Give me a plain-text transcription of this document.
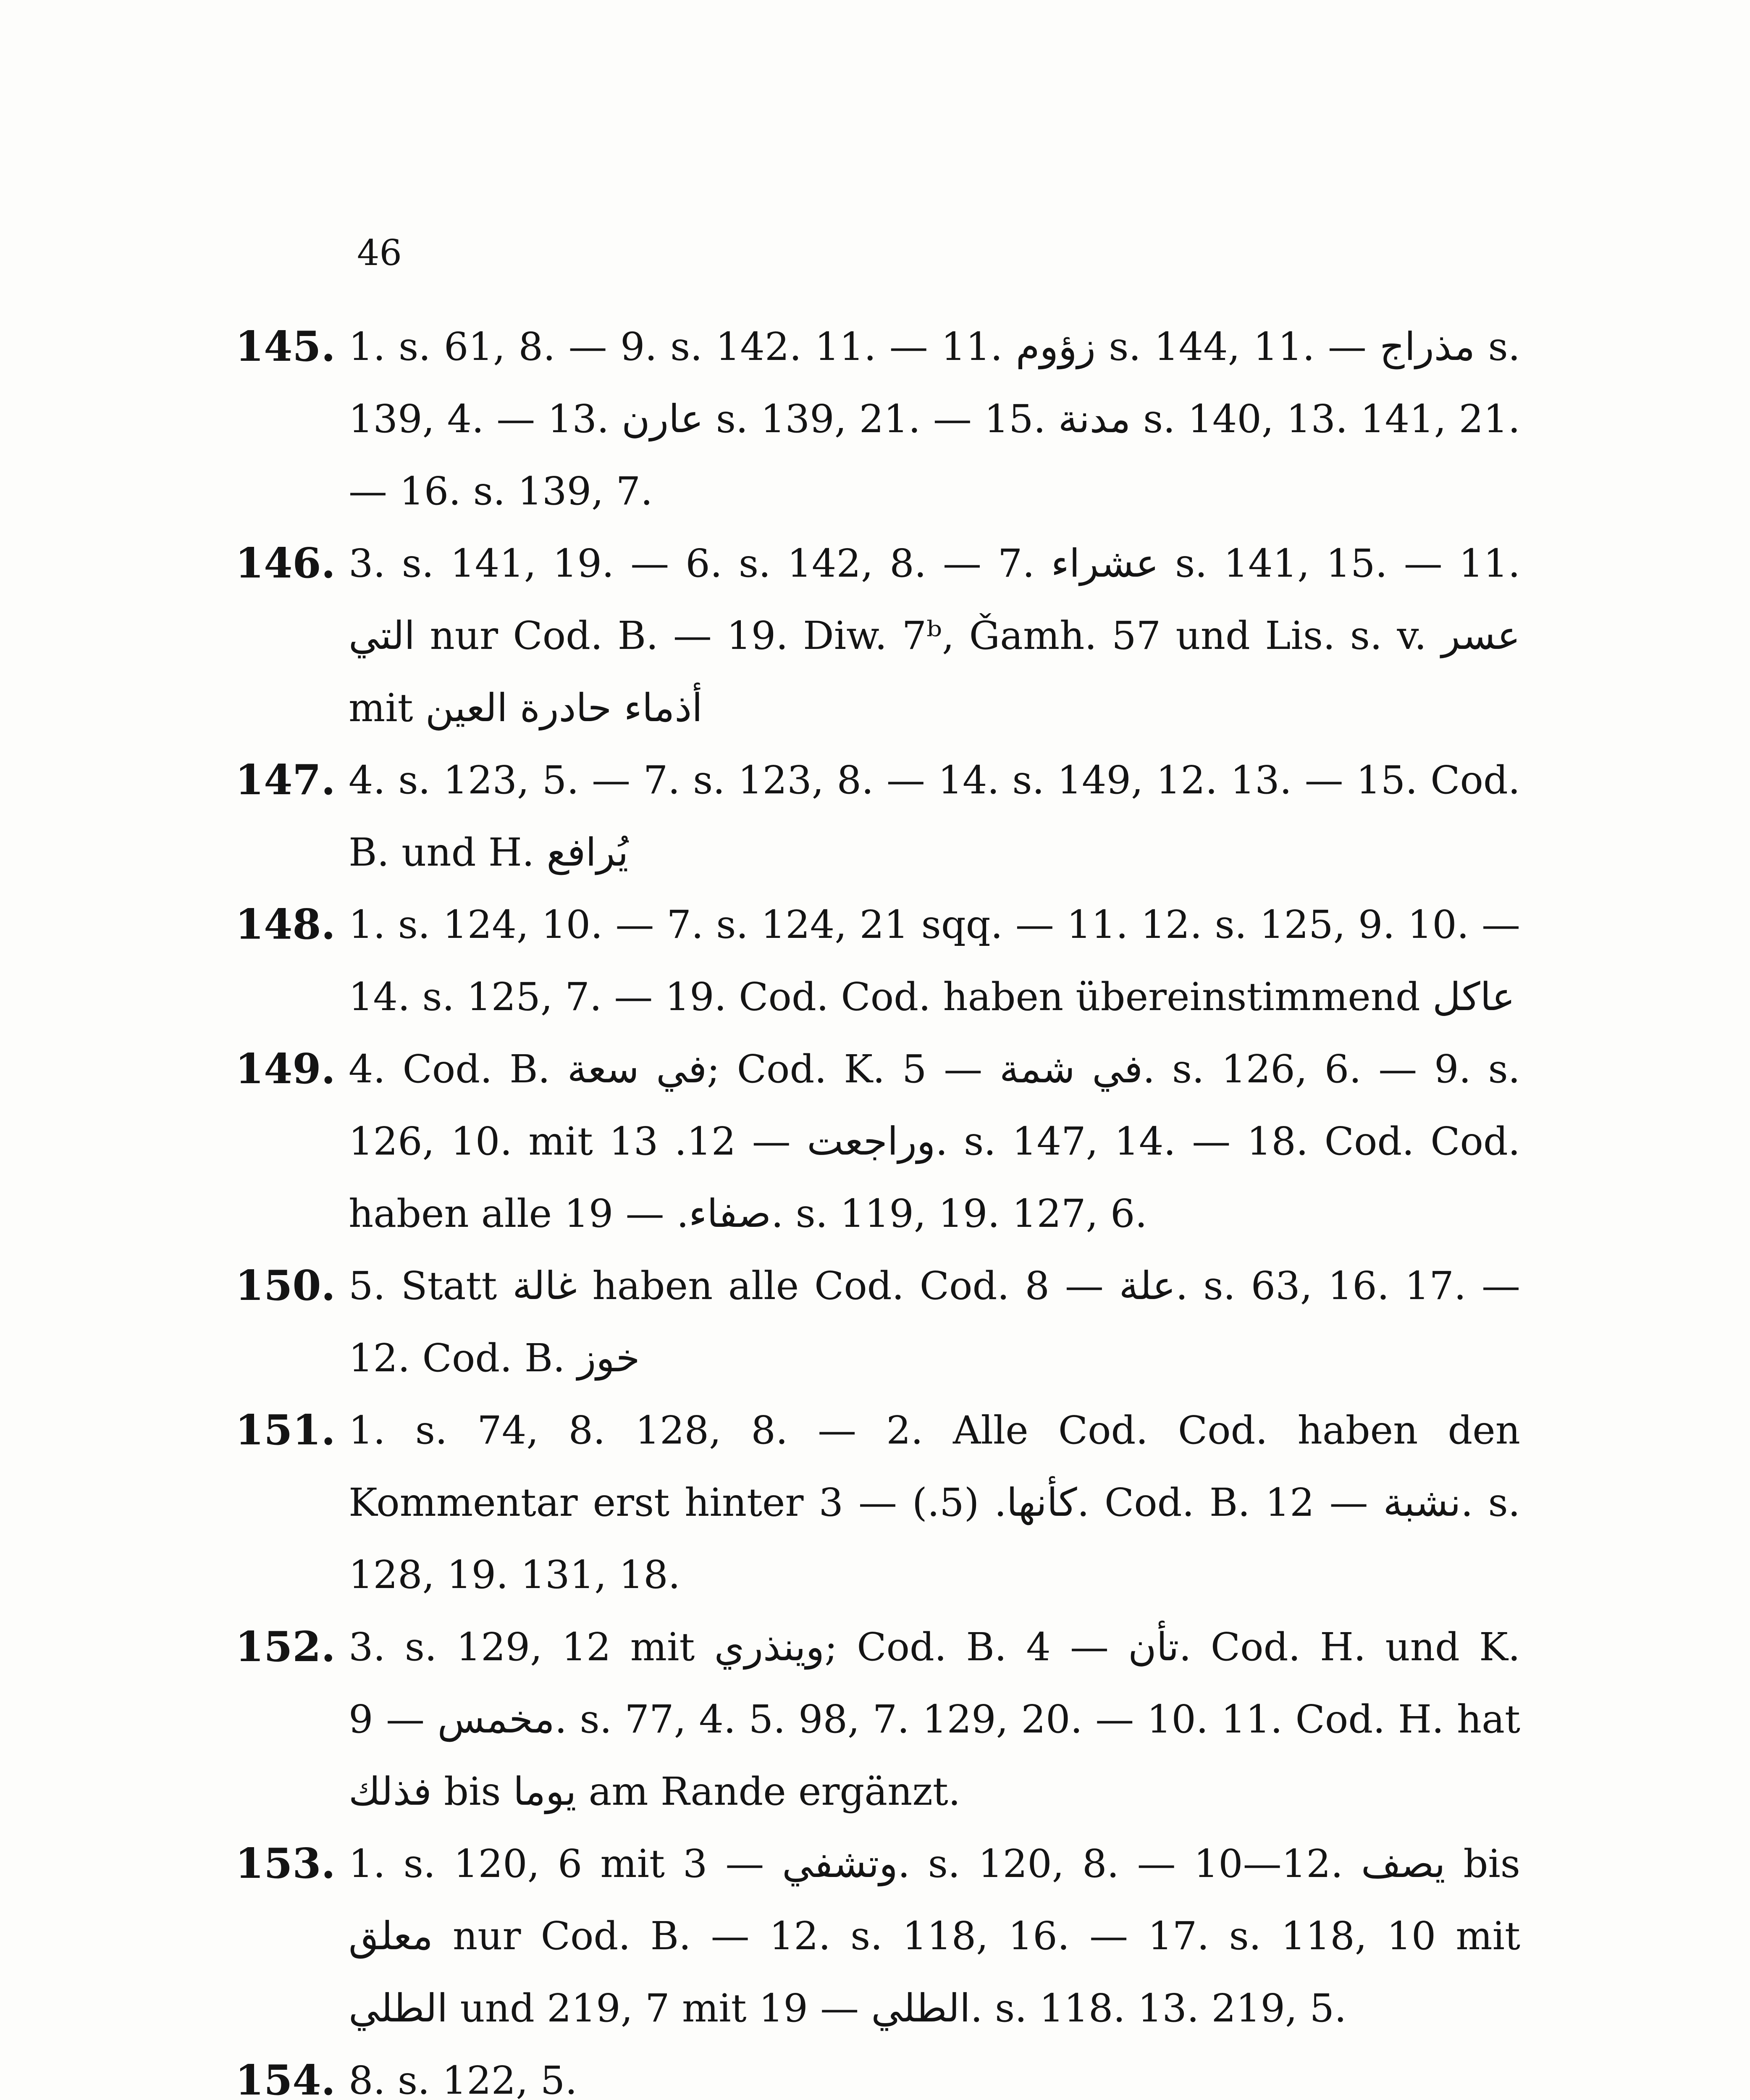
46
145. 1. s. 61, 8. — 9. s. 142. 11. — 11. زؤوم s. 144, 11. — مذراج s. 139, 4. — 13. عارن s. 139, 21. — 15. مدنة s. 140, 13. 141, 21. — 16. s. 139, 7.
146. 3. s. 141, 19. — 6. s. 142, 8. — 7. عشراء s. 141, 15. — 11. التي nur Cod. B. — 19. Diw. 7ᵇ, Ǧamh. 57 und Lis. s. v. عسر mit أذماء حادرة العين
147. 4. s. 123, 5. — 7. s. 123, 8. — 14. s. 149, 12. 13. — 15. Cod. B. und H. يُرافع
148. 1. s. 124, 10. — 7. s. 124, 21 sqq. — 11. 12. s. 125, 9. 10. — 14. s. 125, 7. — 19. Cod. Cod. haben übereinstimmend عاكل
149. 4. Cod. B. في سعة; Cod. K. في شمة — 5. s. 126, 6. — 9. s. 126, 10. mit وراجعت — 12. 13. s. 147, 14. — 18. Cod. Cod. haben alle صفاء. — 19. s. 119, 19. 127, 6.
150. 5. Statt غالة haben alle Cod. Cod. علة — 8. s. 63, 16. 17. — 12. Cod. B. خوز
151. 1. s. 74, 8. 128, 8. — 2. Alle Cod. Cod. haben den Kommentar erst hinter كأنها. (5.) — 3. Cod. B. نشبة — 12. s. 128, 19. 131, 18.
152. 3. s. 129, 12 mit وينذري; Cod. B. تأن — 4. Cod. H. und K. مخمس — 9. s. 77, 4. 5. 98, 7. 129, 20. — 10. 11. Cod. H. hat فذلك bis يوما am Rande ergänzt.
153. 1. s. 120, 6 mit وتشفي — 3. s. 120, 8. — 10—12. يصف bis معلق nur Cod. B. — 12. s. 118, 16. — 17. s. 118, 10 mit الطلي und 219, 7 mit الطلي — 19. s. 118. 13. 219, 5.
154. 8. s. 122, 5.
